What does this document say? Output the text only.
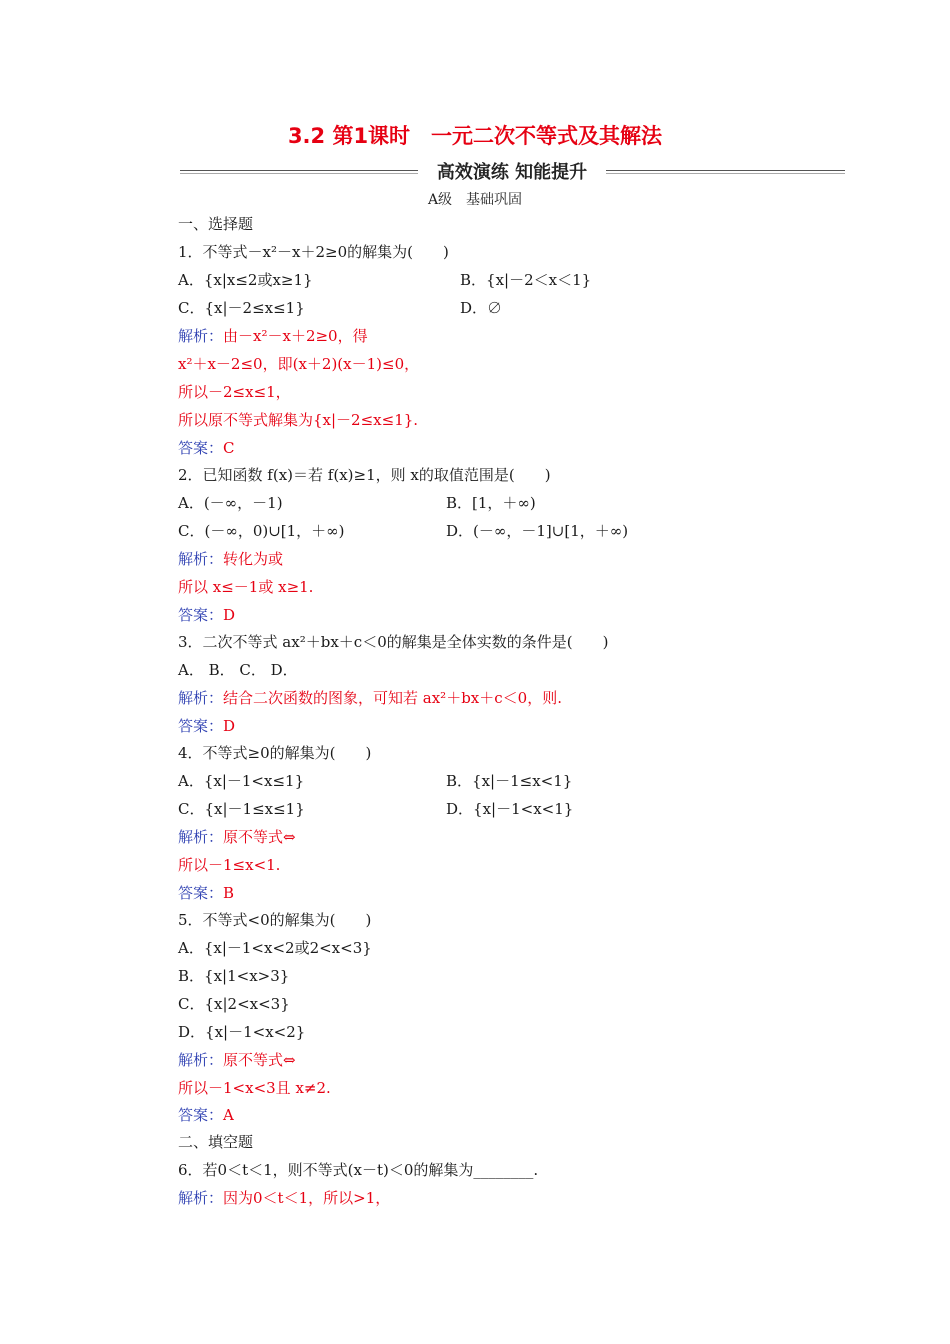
3.2 第1课时　一元二次不等式及其解法
高效演练 知能提升
A级　基础巩固
一、选择题
1．不等式－x²－x＋2≥0的解集为(　　)
A．{x|x≤2或x≥1}	B．{x|－2＜x＜1}
C．{x|－2≤x≤1}	D．∅
解析：由－x²－x＋2≥0，得
x²＋x－2≤0，即(x＋2)(x－1)≤0，
所以－2≤x≤1，
所以原不等式解集为{x|－2≤x≤1}.
答案：C
2．已知函数 f(x)＝若 f(x)≥1，则 x的取值范围是(　　)
A．(－∞，－1)	B．[1，＋∞)
C．(－∞，0)∪[1，＋∞)	D．(－∞，－1]∪[1，＋∞)
解析：转化为或
所以 x≤－1或 x≥1.
答案：D
3．二次不等式 ax²＋bx＋c＜0的解集是全体实数的条件是(　　)
A． B． C． D．
解析：结合二次函数的图象，可知若 ax²＋bx＋c＜0，则.
答案：D
4．不等式≥0的解集为(　　)
A．{x|－1<x≤1}	B．{x|－1≤x<1}
C．{x|－1≤x≤1}	D．{x|－1<x<1}
解析：原不等式⇔
所以－1≤x<1.
答案：B
5．不等式<0的解集为(　　)
A．{x|－1<x<2或2<x<3}
B．{x|1<x>3}
C．{x|2<x<3}
D．{x|－1<x<2}
解析：原不等式⇔
所以－1<x<3且 x≠2.
答案：A
二、填空题
6．若0＜t＜1，则不等式(x－t)＜0的解集为________.
解析：因为0＜t＜1，所以>1，
